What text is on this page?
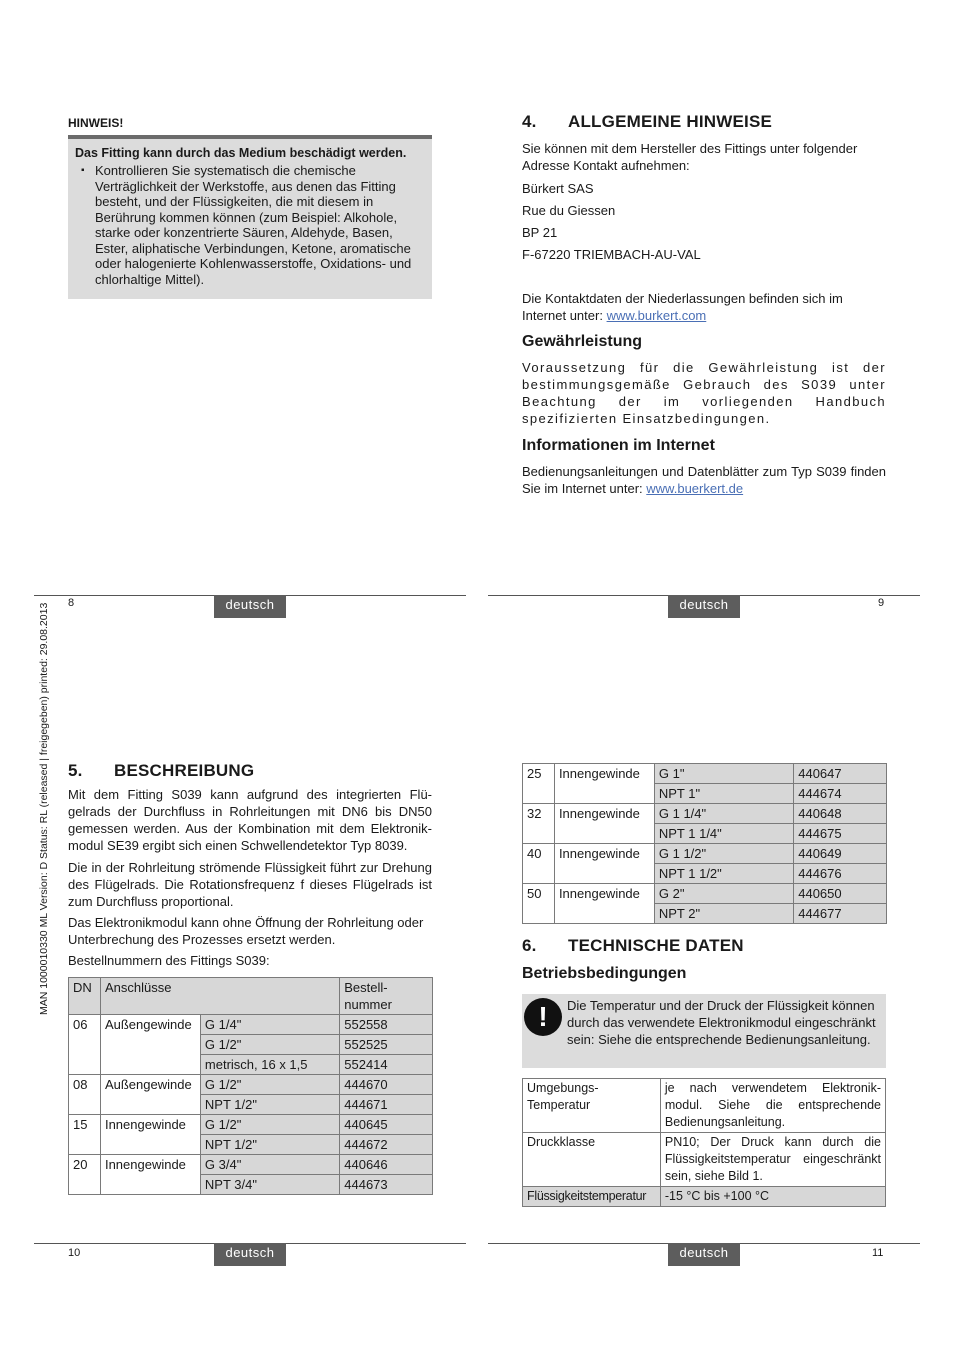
MAN 1000010330 ML Version: D Status: RL (released | freigegeben) printed: 29.08.2013
HINWEIS!
Das Fitting kann durch das Medium beschädigt werden.
▪ Kontrollieren Sie systematisch die chemische Verträglichkeit der Werkstoffe, aus denen das Fitting besteht, und der Flüssigkeiten, die mit diesem in Berührung kommen können (zum Beispiel: Alkohole, starke oder konzentrierte Säuren, Aldehyde, Basen, Ester, aliphatische Verbindungen, Ketone, aromatische oder halogenierte Kohlenwasserstoffe, Oxidations- und chlorhaltige Mittel).
8	deutsch
4. ALLGEMEINE HINWEISE

Sie können mit dem Hersteller des Fittings unter folgender Adresse Kontakt aufnehmen:

Bürkert SAS

Rue du Giessen

BP 21

F-67220 TRIEMBACH-AU-VAL

Die Kontaktdaten der Niederlassungen befinden sich im Internet unter: www.burkert.com

Gewährleistung

Voraussetzung für die Gewährleistung ist der bestimmungsgemäße Gebrauch des S039 unter Beachtung der im vorliegenden Handbuch spezifizierten Einsatzbedingungen.

Informationen im Internet

Bedienungsanleitungen und Datenblätter zum Typ S039 finden Sie im Internet unter: www.buerkert.de

deutsch	9
5. BESCHREIBUNG

Mit dem Fitting S039 kann aufgrund des integrierten Flü-gelrads der Durchfluss in Rohrleitungen mit DN6 bis DN50 gemessen werden. Aus der Kombination mit dem Elektronik-modul SE39 ergibt sich einen Schwellendetektor Typ 8039.

Die in der Rohrleitung strömende Flüssigkeit führt zur Drehung des Flügelrads. Die Rotationsfrequenz f dieses Flügelrads ist zum Durchfluss proportional.

Das Elektronikmodul kann ohne Öffnung der Rohrleitung oder Unterbrechung des Prozesses ersetzt werden.

Bestellnummern des Fittings S039:

DN	Anschlüsse		Bestell-nummer
06	Außengewinde	G 1/4"	552558
		G 1/2"	552525
		metrisch, 16 x 1,5	552414
08	Außengewinde	G 1/2"	444670
		NPT 1/2"	444671
15	Innengewinde	G 1/2"	440645
		NPT 1/2"	444672
20	Innengewinde	G 3/4"	440646
		NPT 3/4"	444673
10	deutsch
25	Innengewinde	G 1"	440647
		NPT 1"	444674
32	Innengewinde	G 1 1/4"	440648
		NPT 1 1/4"	444675
40	Innengewinde	G 1 1/2"	440649
		NPT 1 1/2"	444676
50	Innengewinde	G 2"	440650
		NPT 2"	444677
6. TECHNISCHE DATEN
Betriebsbedingungen
!	Die Temperatur und der Druck der Flüssigkeit können durch das verwendete Elektronikmodul eingeschränkt sein: Siehe die entsprechende Bedienungsanleitung.
Umgebungs-Temperatur	je nach verwendetem Elektronik-modul. Siehe die entsprechende Bedienungsanleitung.
Druckklasse	PN10; Der Druck kann durch die Flüssigkeitstemperatur eingeschränkt sein, siehe Bild 1.
Flüssigkeitstemperatur	-15 °C bis +100 °C
deutsch	11
